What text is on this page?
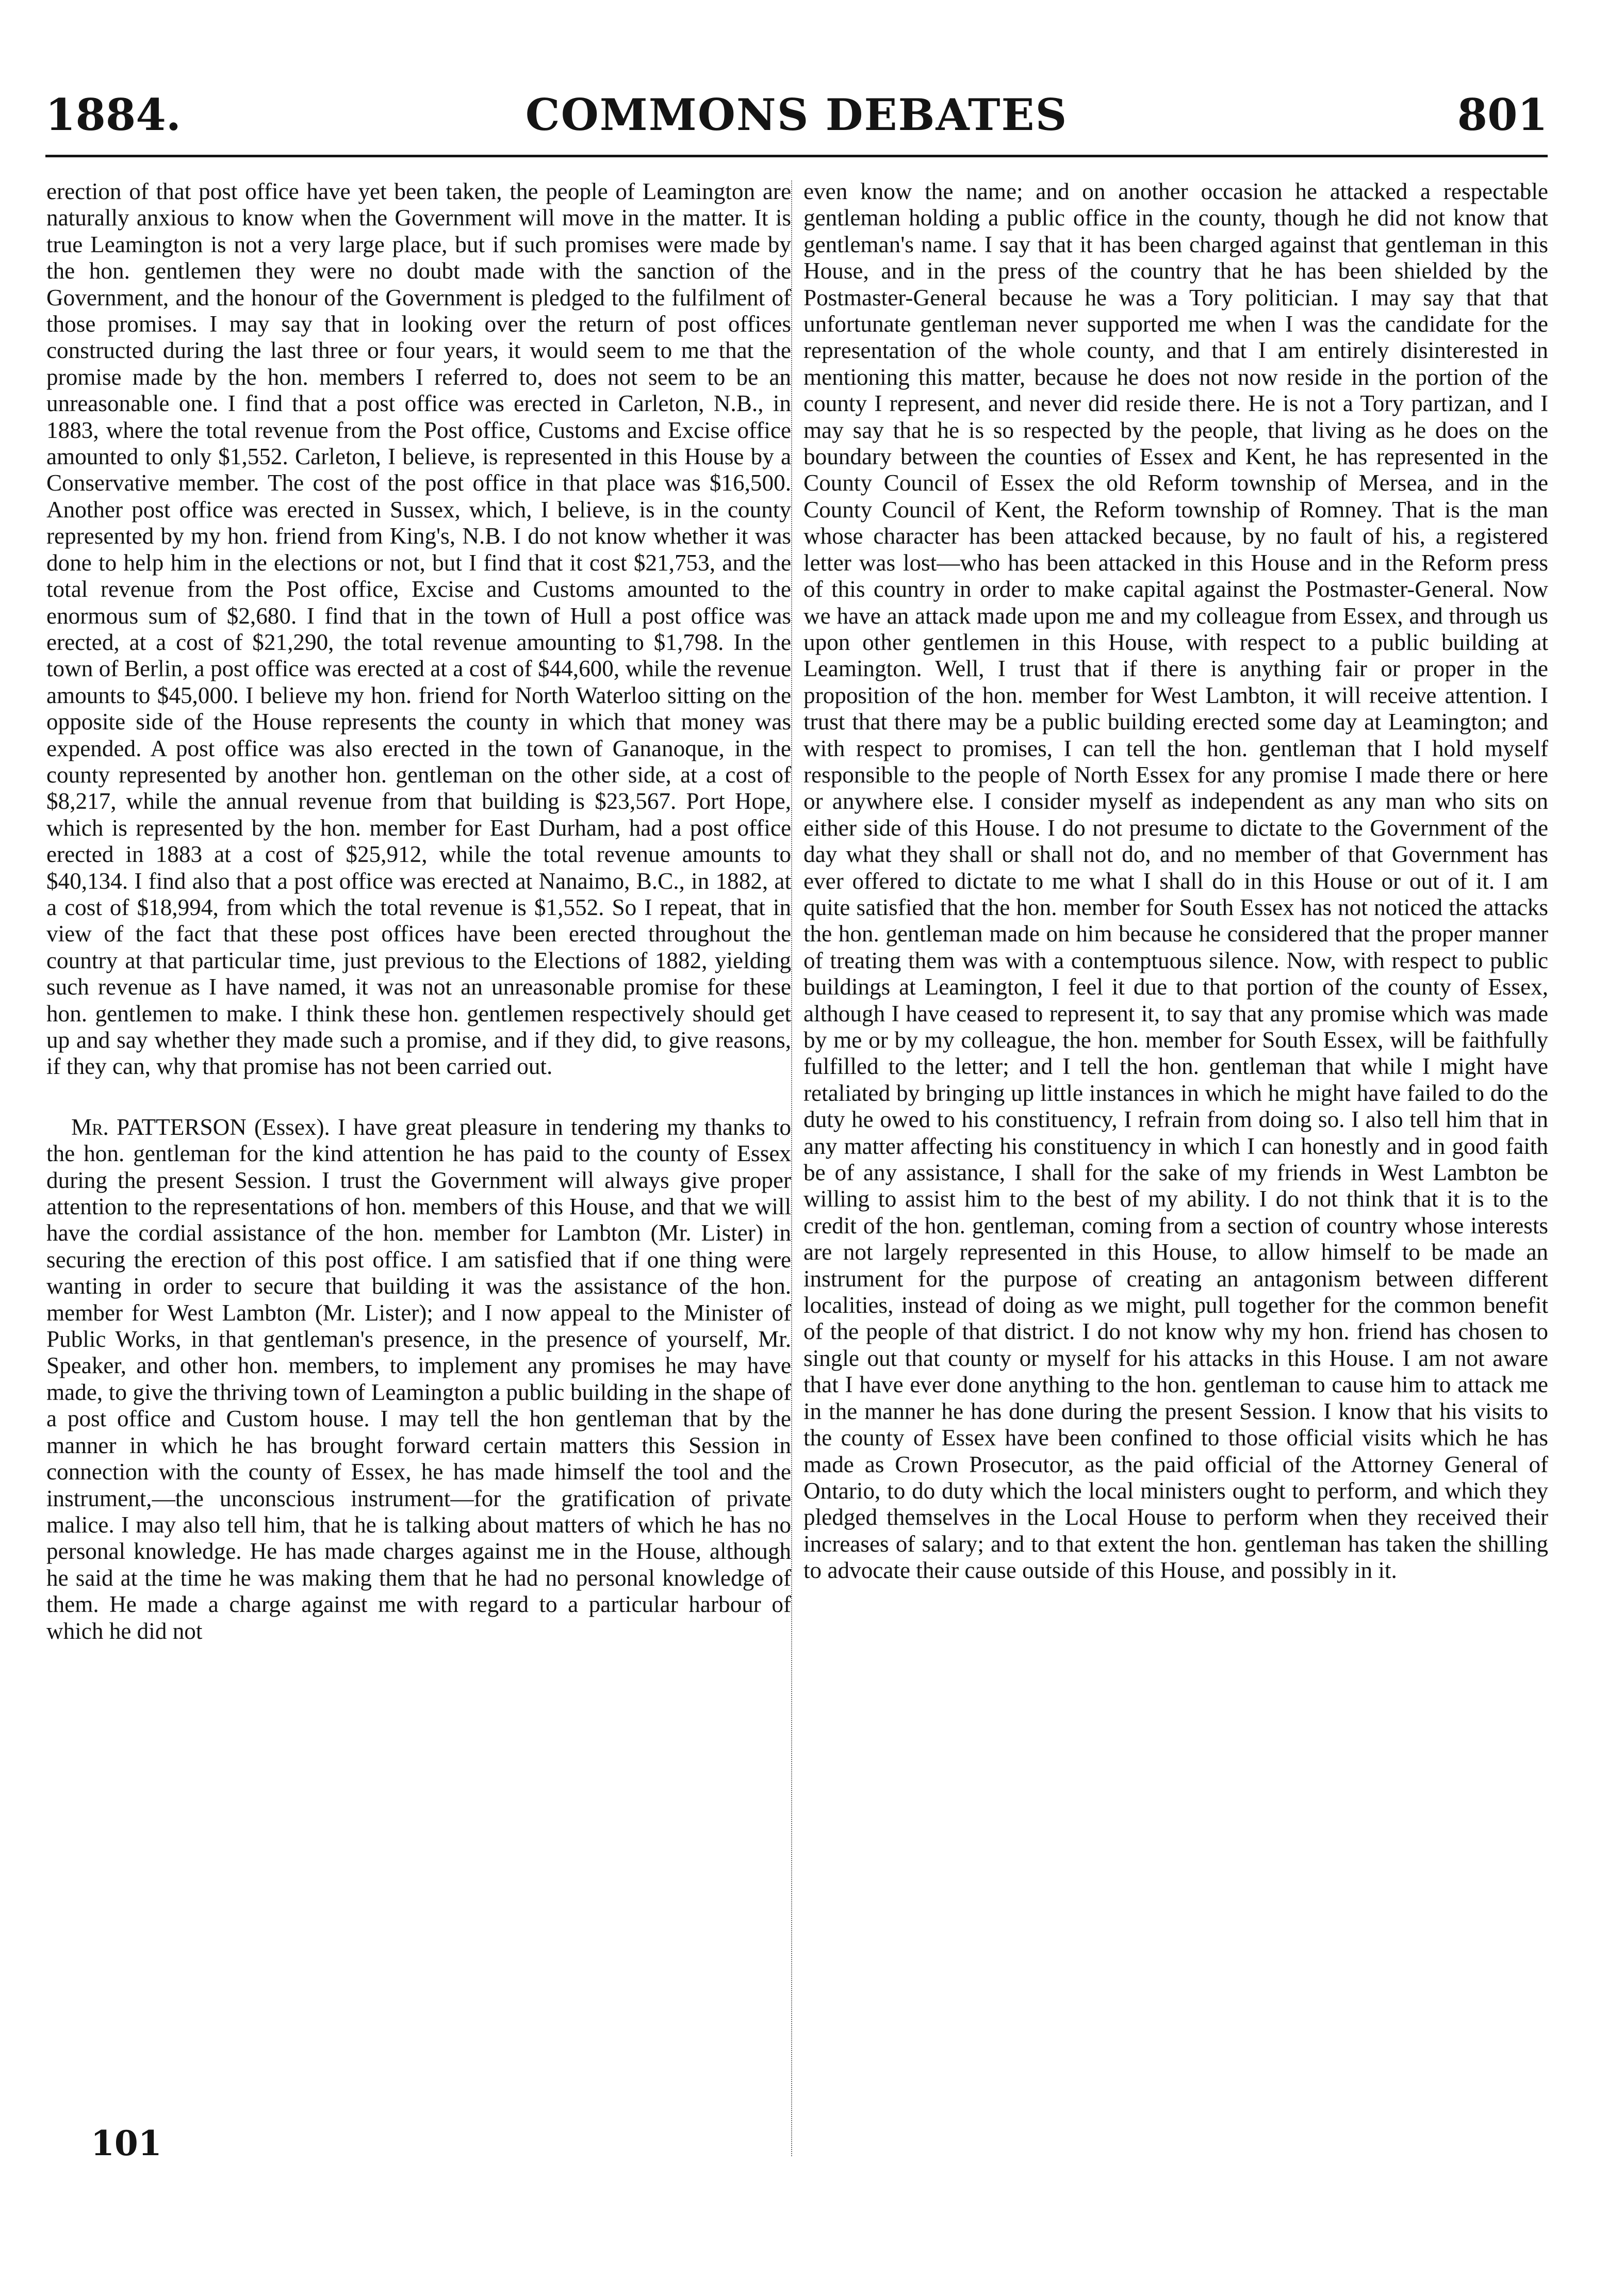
1884.	COMMONS DEBATES	801

erection of that post office have yet been taken, the people of Leamington are naturally anxious to know when the Government will move in the matter. It is true Leamington is not a very large place, but if such promises were made by the hon. gentlemen they were no doubt made with the sanction of the Government, and the honour of the Government is pledged to the fulfilment of those promises. I may say that in looking over the return of post offices constructed during the last three or four years, it would seem to me that the promise made by the hon. members I referred to, does not seem to be an unreasonable one. I find that a post office was erected in Carleton, N.B., in 1883, where the total revenue from the Post office, Customs and Excise office amounted to only $1,552. Carleton, I believe, is represented in this House by a Conservative member. The cost of the post office in that place was $16,500. Another post office was erected in Sussex, which, I believe, is in the county represented by my hon. friend from King's, N.B. I do not know whether it was done to help him in the elections or not, but I find that it cost $21,753, and the total revenue from the Post office, Excise and Customs amounted to the enormous sum of $2,680. I find that in the town of Hull a post office was erected, at a cost of $21,290, the total revenue amounting to $1,798. In the town of Berlin, a post office was erected at a cost of $44,600, while the revenue amounts to $45,000. I believe my hon. friend for North Waterloo sitting on the opposite side of the House represents the county in which that money was expended. A post office was also erected in the town of Gananoque, in the county represented by another hon. gentleman on the other side, at a cost of $8,217, while the annual revenue from that building is $23,567. Port Hope, which is represented by the hon. member for East Durham, had a post office erected in 1883 at a cost of $25,912, while the total revenue amounts to $40,134. I find also that a post office was erected at Nanaimo, B.C., in 1882, at a cost of $18,994, from which the total revenue is $1,552. So I repeat, that in view of the fact that these post offices have been erected throughout the country at that particular time, just previous to the Elections of 1882, yielding such revenue as I have named, it was not an unreasonable promise for these hon. gentlemen to make. I think these hon. gentlemen respectively should get up and say whether they made such a promise, and if they did, to give reasons, if they can, why that promise has not been carried out.

Mr. PATTERSON (Essex). I have great pleasure in tendering my thanks to the hon. gentleman for the kind attention he has paid to the county of Essex during the present Session. I trust the Government will always give proper attention to the representations of hon. members of this House, and that we will have the cordial assistance of the hon. member for Lambton (Mr. Lister) in securing the erection of this post office. I am satisfied that if one thing were wanting in order to secure that building it was the assistance of the hon. member for West Lambton (Mr. Lister); and I now appeal to the Minister of Public Works, in that gentleman's presence, in the presence of yourself, Mr. Speaker, and other hon. members, to implement any promises he may have made, to give the thriving town of Leamington a public building in the shape of a post office and Custom house. I may tell the hon gentleman that by the manner in which he has brought forward certain matters this Session in connection with the county of Essex, he has made himself the tool and the instrument,—the unconscious instrument—for the gratification of private malice. I may also tell him, that he is talking about matters of which he has no personal knowledge. He has made charges against me in the House, although he said at the time he was making them that he had no personal knowledge of them. He made a charge against me with regard to a particular harbour of which he did not

even know the name; and on another occasion he attacked a respectable gentleman holding a public office in the county, though he did not know that gentleman's name. I say that it has been charged against that gentleman in this House, and in the press of the country that he has been shielded by the Postmaster-General because he was a Tory politician. I may say that that unfortunate gentleman never supported me when I was the candidate for the representation of the whole county, and that I am entirely disinterested in mentioning this matter, because he does not now reside in the portion of the county I represent, and never did reside there. He is not a Tory partizan, and I may say that he is so respected by the people, that living as he does on the boundary between the counties of Essex and Kent, he has represented in the County Council of Essex the old Reform township of Mersea, and in the County Council of Kent, the Reform township of Romney. That is the man whose character has been attacked because, by no fault of his, a registered letter was lost—who has been attacked in this House and in the Reform press of this country in order to make capital against the Postmaster-General. Now we have an attack made upon me and my colleague from Essex, and through us upon other gentlemen in this House, with respect to a public building at Leamington. Well, I trust that if there is anything fair or proper in the proposition of the hon. member for West Lambton, it will receive attention. I trust that there may be a public building erected some day at Leamington; and with respect to promises, I can tell the hon. gentleman that I hold myself responsible to the people of North Essex for any promise I made there or here or anywhere else. I consider myself as independent as any man who sits on either side of this House. I do not presume to dictate to the Government of the day what they shall or shall not do, and no member of that Government has ever offered to dictate to me what I shall do in this House or out of it. I am quite satisfied that the hon. member for South Essex has not noticed the attacks the hon. gentleman made on him because he considered that the proper manner of treating them was with a contemptuous silence. Now, with respect to public buildings at Leamington, I feel it due to that portion of the county of Essex, although I have ceased to represent it, to say that any promise which was made by me or by my colleague, the hon. member for South Essex, will be faithfully fulfilled to the letter; and I tell the hon. gentleman that while I might have retaliated by bringing up little instances in which he might have failed to do the duty he owed to his constituency, I refrain from doing so. I also tell him that in any matter affecting his constituency in which I can honestly and in good faith be of any assistance, I shall for the sake of my friends in West Lambton be willing to assist him to the best of my ability. I do not think that it is to the credit of the hon. gentleman, coming from a section of country whose interests are not largely represented in this House, to allow himself to be made an instrument for the purpose of creating an antagonism between different localities, instead of doing as we might, pull together for the common benefit of the people of that district. I do not know why my hon. friend has chosen to single out that county or myself for his attacks in this House. I am not aware that I have ever done anything to the hon. gentleman to cause him to attack me in the manner he has done during the present Session. I know that his visits to the county of Essex have been confined to those official visits which he has made as Crown Prosecutor, as the paid official of the Attorney General of Ontario, to do duty which the local ministers ought to perform, and which they pledged themselves in the Local House to perform when they received their increases of salary; and to that extent the hon. gentleman has taken the shilling to advocate their cause outside of this House, and possibly in it.

101
